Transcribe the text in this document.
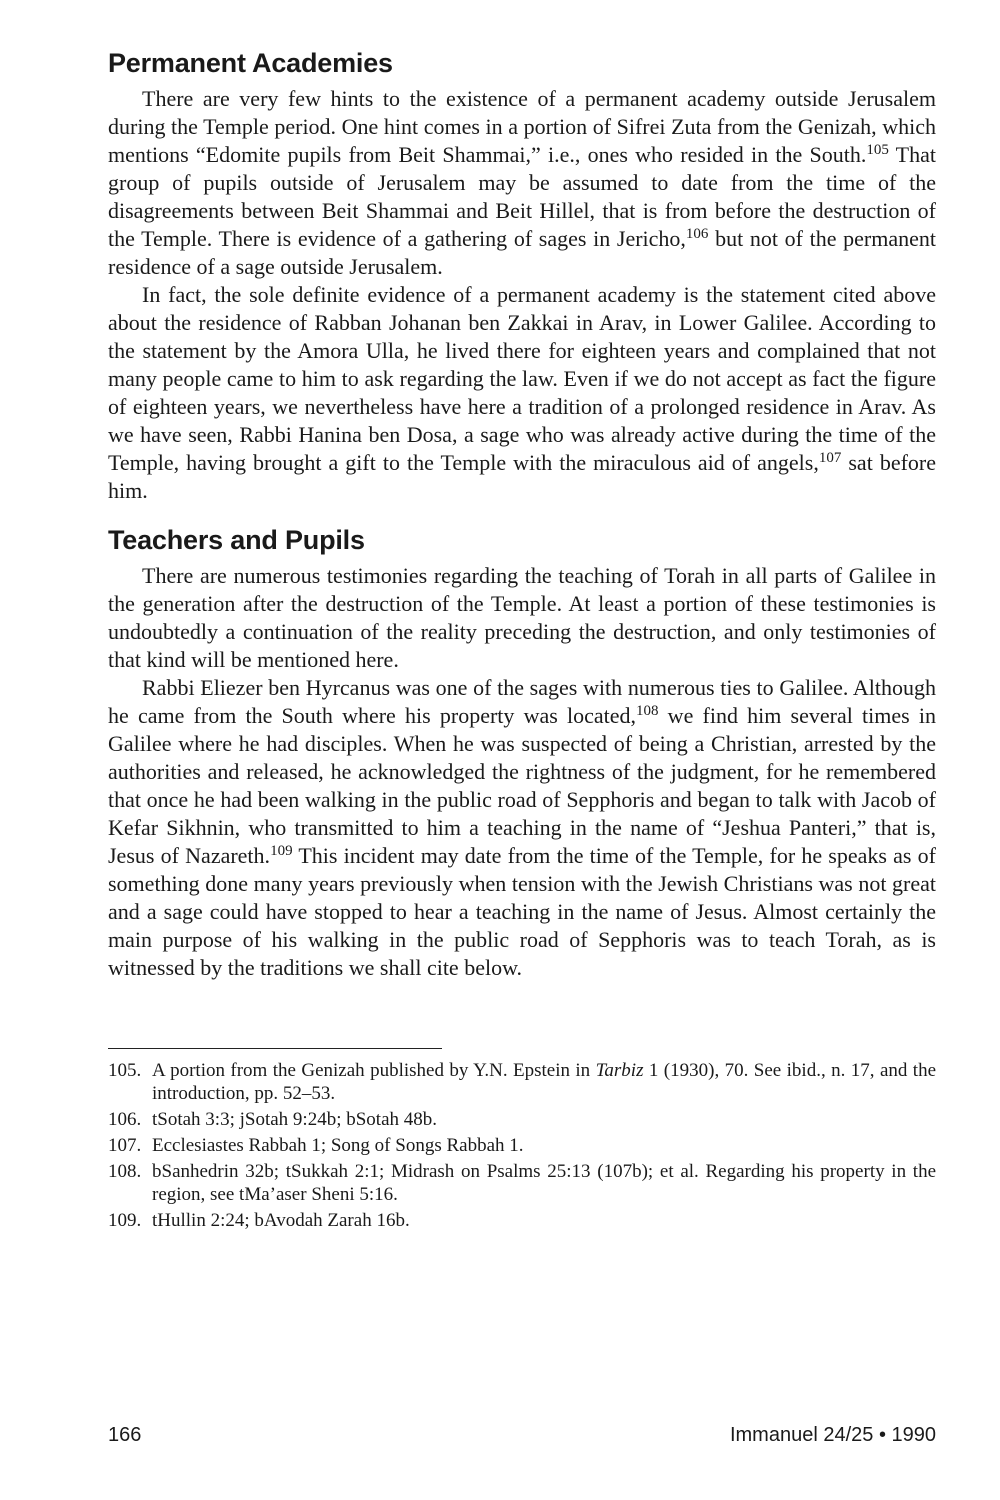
Permanent Academies

There are very few hints to the existence of a permanent academy outside Jerusalem during the Temple period. One hint comes in a portion of Sifrei Zuta from the Genizah, which mentions “Edomite pupils from Beit Shammai,” i.e., ones who resided in the South.$^{105}$ That group of pupils outside of Jerusalem may be assumed to date from the time of the disagreements between Beit Shammai and Beit Hillel, that is from before the destruction of the Temple. There is evidence of a gathering of sages in Jericho,$^{106}$ but not of the permanent residence of a sage outside Jerusalem.

In fact, the sole definite evidence of a permanent academy is the statement cited above about the residence of Rabban Johanan ben Zakkai in Arav, in Lower Galilee. According to the statement by the Amora Ulla, he lived there for eighteen years and complained that not many people came to him to ask regarding the law. Even if we do not accept as fact the figure of eighteen years, we nevertheless have here a tradition of a prolonged residence in Arav. As we have seen, Rabbi Hanina ben Dosa, a sage who was already active during the time of the Temple, having brought a gift to the Temple with the miraculous aid of angels,$^{107}$ sat before him.

Teachers and Pupils

There are numerous testimonies regarding the teaching of Torah in all parts of Galilee in the generation after the destruction of the Temple. At least a portion of these testimonies is undoubtedly a continuation of the reality preceding the destruction, and only testimonies of that kind will be mentioned here.

Rabbi Eliezer ben Hyrcanus was one of the sages with numerous ties to Galilee. Although he came from the South where his property was located,$^{108}$ we find him several times in Galilee where he had disciples. When he was suspected of being a Christian, arrested by the authorities and released, he acknowledged the rightness of the judgment, for he remembered that once he had been walking in the public road of Sepphoris and began to talk with Jacob of Kefar Sikhnin, who transmitted to him a teaching in the name of “Jeshua Panteri,” that is, Jesus of Nazareth.$^{109}$ This incident may date from the time of the Temple, for he speaks as of something done many years previously when tension with the Jewish Christians was not great and a sage could have stopped to hear a teaching in the name of Jesus. Almost certainly the main purpose of his walking in the public road of Sepphoris was to teach Torah, as is witnessed by the traditions we shall cite below.

105. A portion from the Genizah published by Y.N. Epstein in Tarbiz 1 (1930), 70. See ibid., n. 17, and the introduction, pp. 52–53.

106. tSotah 3:3; jSotah 9:24b; bSotah 48b.

107. Ecclesiastes Rabbah 1; Song of Songs Rabbah 1.

108. bSanhedrin 32b; tSukkah 2:1; Midrash on Psalms 25:13 (107b); et al. Regarding his property in the region, see tMa’aser Sheni 5:16.

109. tHullin 2:24; bAvodah Zarah 16b.

166	Immanuel 24/25 • 1990
